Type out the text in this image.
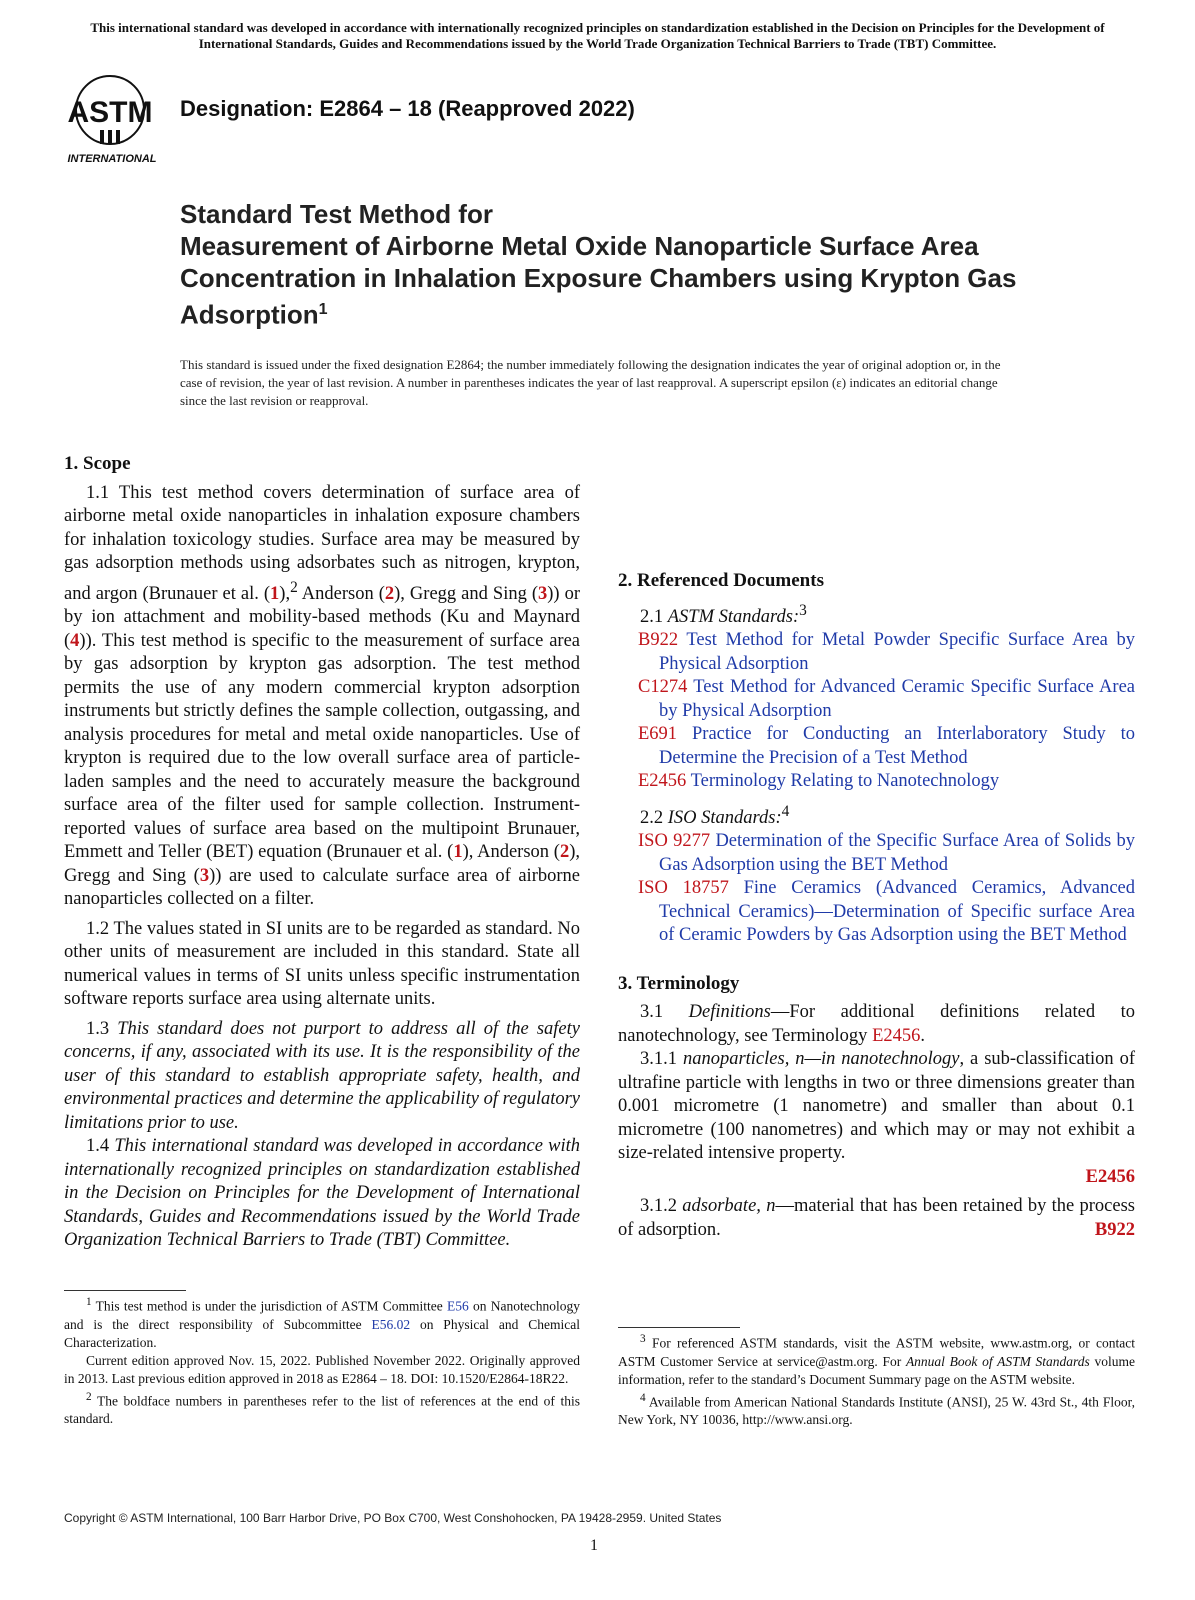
This international standard was developed in accordance with internationally recognized principles on standardization established in the Decision on Principles for the Development of International Standards, Guides and Recommendations issued by the World Trade Organization Technical Barriers to Trade (TBT) Committee.
ASTM
INTERNATIONAL
Designation: E2864 – 18 (Reapproved 2022)
Standard Test Method for
Measurement of Airborne Metal Oxide Nanoparticle Surface Area Concentration in Inhalation Exposure Chambers using Krypton Gas Adsorption$^1$
This standard is issued under the fixed designation E2864; the number immediately following the designation indicates the year of original adoption or, in the case of revision, the year of last revision. A number in parentheses indicates the year of last reapproval. A superscript epsilon (ε) indicates an editorial change since the last revision or reapproval.
1. Scope

1.1 This test method covers determination of surface area of airborne metal oxide nanoparticles in inhalation exposure chambers for inhalation toxicology studies. Surface area may be measured by gas adsorption methods using adsorbates such as nitrogen, krypton, and argon (Brunauer et al. (1),$^2$ Anderson (2), Gregg and Sing (3)) or by ion attachment and mobility-based methods (Ku and Maynard (4)). This test method is specific to the measurement of surface area by gas adsorption by krypton gas adsorption. The test method permits the use of any modern commercial krypton adsorption instruments but strictly defines the sample collection, outgassing, and analysis procedures for metal and metal oxide nanoparticles. Use of krypton is required due to the low overall surface area of particle-laden samples and the need to accurately measure the background surface area of the filter used for sample collection. Instrument-reported values of surface area based on the multipoint Brunauer, Emmett and Teller (BET) equation (Brunauer et al. (1), Anderson (2), Gregg and Sing (3)) are used to calculate surface area of airborne nanoparticles collected on a filter.

1.2 The values stated in SI units are to be regarded as standard. No other units of measurement are included in this standard. State all numerical values in terms of SI units unless specific instrumentation software reports surface area using alternate units.

1.3 This standard does not purport to address all of the safety concerns, if any, associated with its use. It is the responsibility of the user of this standard to establish appropriate safety, health, and environmental practices and determine the applicability of regulatory limitations prior to use.

1.4 This international standard was developed in accordance with internationally recognized principles on standardization established in the Decision on Principles for the Development of International Standards, Guides and Recommendations issued by the World Trade Organization Technical Barriers to Trade (TBT) Committee.

2. Referenced Documents

2.1 ASTM Standards:$^3$

B922 Test Method for Metal Powder Specific Surface Area by Physical Adsorption
C1274 Test Method for Advanced Ceramic Specific Surface Area by Physical Adsorption
E691 Practice for Conducting an Interlaboratory Study to Determine the Precision of a Test Method
E2456 Terminology Relating to Nanotechnology

2.2 ISO Standards:$^4$

ISO 9277 Determination of the Specific Surface Area of Solids by Gas Adsorption using the BET Method
ISO 18757 Fine Ceramics (Advanced Ceramics, Advanced Technical Ceramics)—Determination of Specific surface Area of Ceramic Powders by Gas Adsorption using the BET Method
3. Terminology

3.1 Definitions—For additional definitions related to nanotechnology, see Terminology E2456.

3.1.1 nanoparticles, n—in nanotechnology, a sub-classification of ultrafine particle with lengths in two or three dimensions greater than 0.001 micrometre (1 nanometre) and smaller than about 0.1 micrometre (100 nanometres) and which may or may not exhibit a size-related intensive property.
E2456

3.1.2 adsorbate, n—material that has been retained by the process of adsorption.	B922

$^1$ This test method is under the jurisdiction of ASTM Committee E56 on Nanotechnology and is the direct responsibility of Subcommittee E56.02 on Physical and Chemical Characterization.
Current edition approved Nov. 15, 2022. Published November 2022. Originally approved in 2013. Last previous edition approved in 2018 as E2864 – 18. DOI: 10.1520/E2864-18R22.
$^2$ The boldface numbers in parentheses refer to the list of references at the end of this standard.
$^3$ For referenced ASTM standards, visit the ASTM website, www.astm.org, or contact ASTM Customer Service at service@astm.org. For Annual Book of ASTM Standards volume information, refer to the standard’s Document Summary page on the ASTM website.
$^4$ Available from American National Standards Institute (ANSI), 25 W. 43rd St., 4th Floor, New York, NY 10036, http://www.ansi.org.
Copyright © ASTM International, 100 Barr Harbor Drive, PO Box C700, West Conshohocken, PA 19428-2959. United States
1
